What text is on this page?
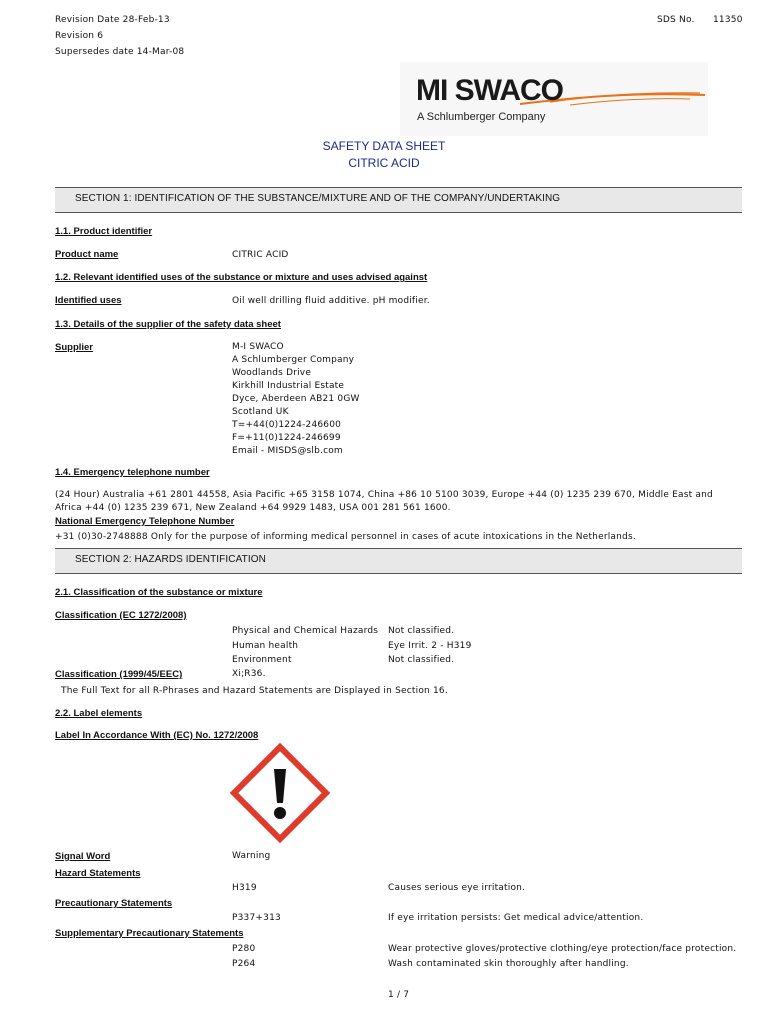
Revision Date 28-Feb-13
Revision 6
Supersedes date 14-Mar-08
SDS No. 11350
MI SWACO
A Schlumberger Company
SAFETY DATA SHEET
CITRIC ACID
SECTION 1: IDENTIFICATION OF THE SUBSTANCE/MIXTURE AND OF THE COMPANY/UNDERTAKING
1.1. Product identifier
Product name	CITRIC ACID
1.2. Relevant identified uses of the substance or mixture and uses advised against
Identified uses	Oil well drilling fluid additive. pH modifier.
1.3. Details of the supplier of the safety data sheet
Supplier	M-I SWACO
A Schlumberger Company
Woodlands Drive
Kirkhill Industrial Estate
Dyce, Aberdeen AB21 0GW
Scotland UK
T=+44(0)1224-246600
F=+11(0)1224-246699
Email - MISDS@slb.com
1.4. Emergency telephone number
(24 Hour) Australia +61 2801 44558, Asia Pacific +65 3158 1074, China +86 10 5100 3039, Europe +44 (0) 1235 239 670, Middle East and
Africa +44 (0) 1235 239 671, New Zealand +64 9929 1483, USA 001 281 561 1600.
National Emergency Telephone Number
+31 (0)30-2748888 Only for the purpose of informing medical personnel in cases of acute intoxications in the Netherlands.
SECTION 2: HAZARDS IDENTIFICATION
2.1. Classification of the substance or mixture
Classification (EC 1272/2008)
Physical and Chemical Hazards Not classified.
Human health	Eye Irrit. 2 - H319
Environment	Not classified.
Classification (1999/45/EEC)	Xi;R36.
The Full Text for all R-Phrases and Hazard Statements are Displayed in Section 16.
2.2. Label elements
Label In Accordance With (EC) No. 1272/2008
Signal Word	Warning
Hazard Statements
H319	Causes serious eye irritation.
Precautionary Statements
P337+313	If eye irritation persists: Get medical advice/attention.
Supplementary Precautionary Statements
P280	Wear protective gloves/protective clothing/eye protection/face protection.
P264	Wash contaminated skin thoroughly after handling.
1 / 7
